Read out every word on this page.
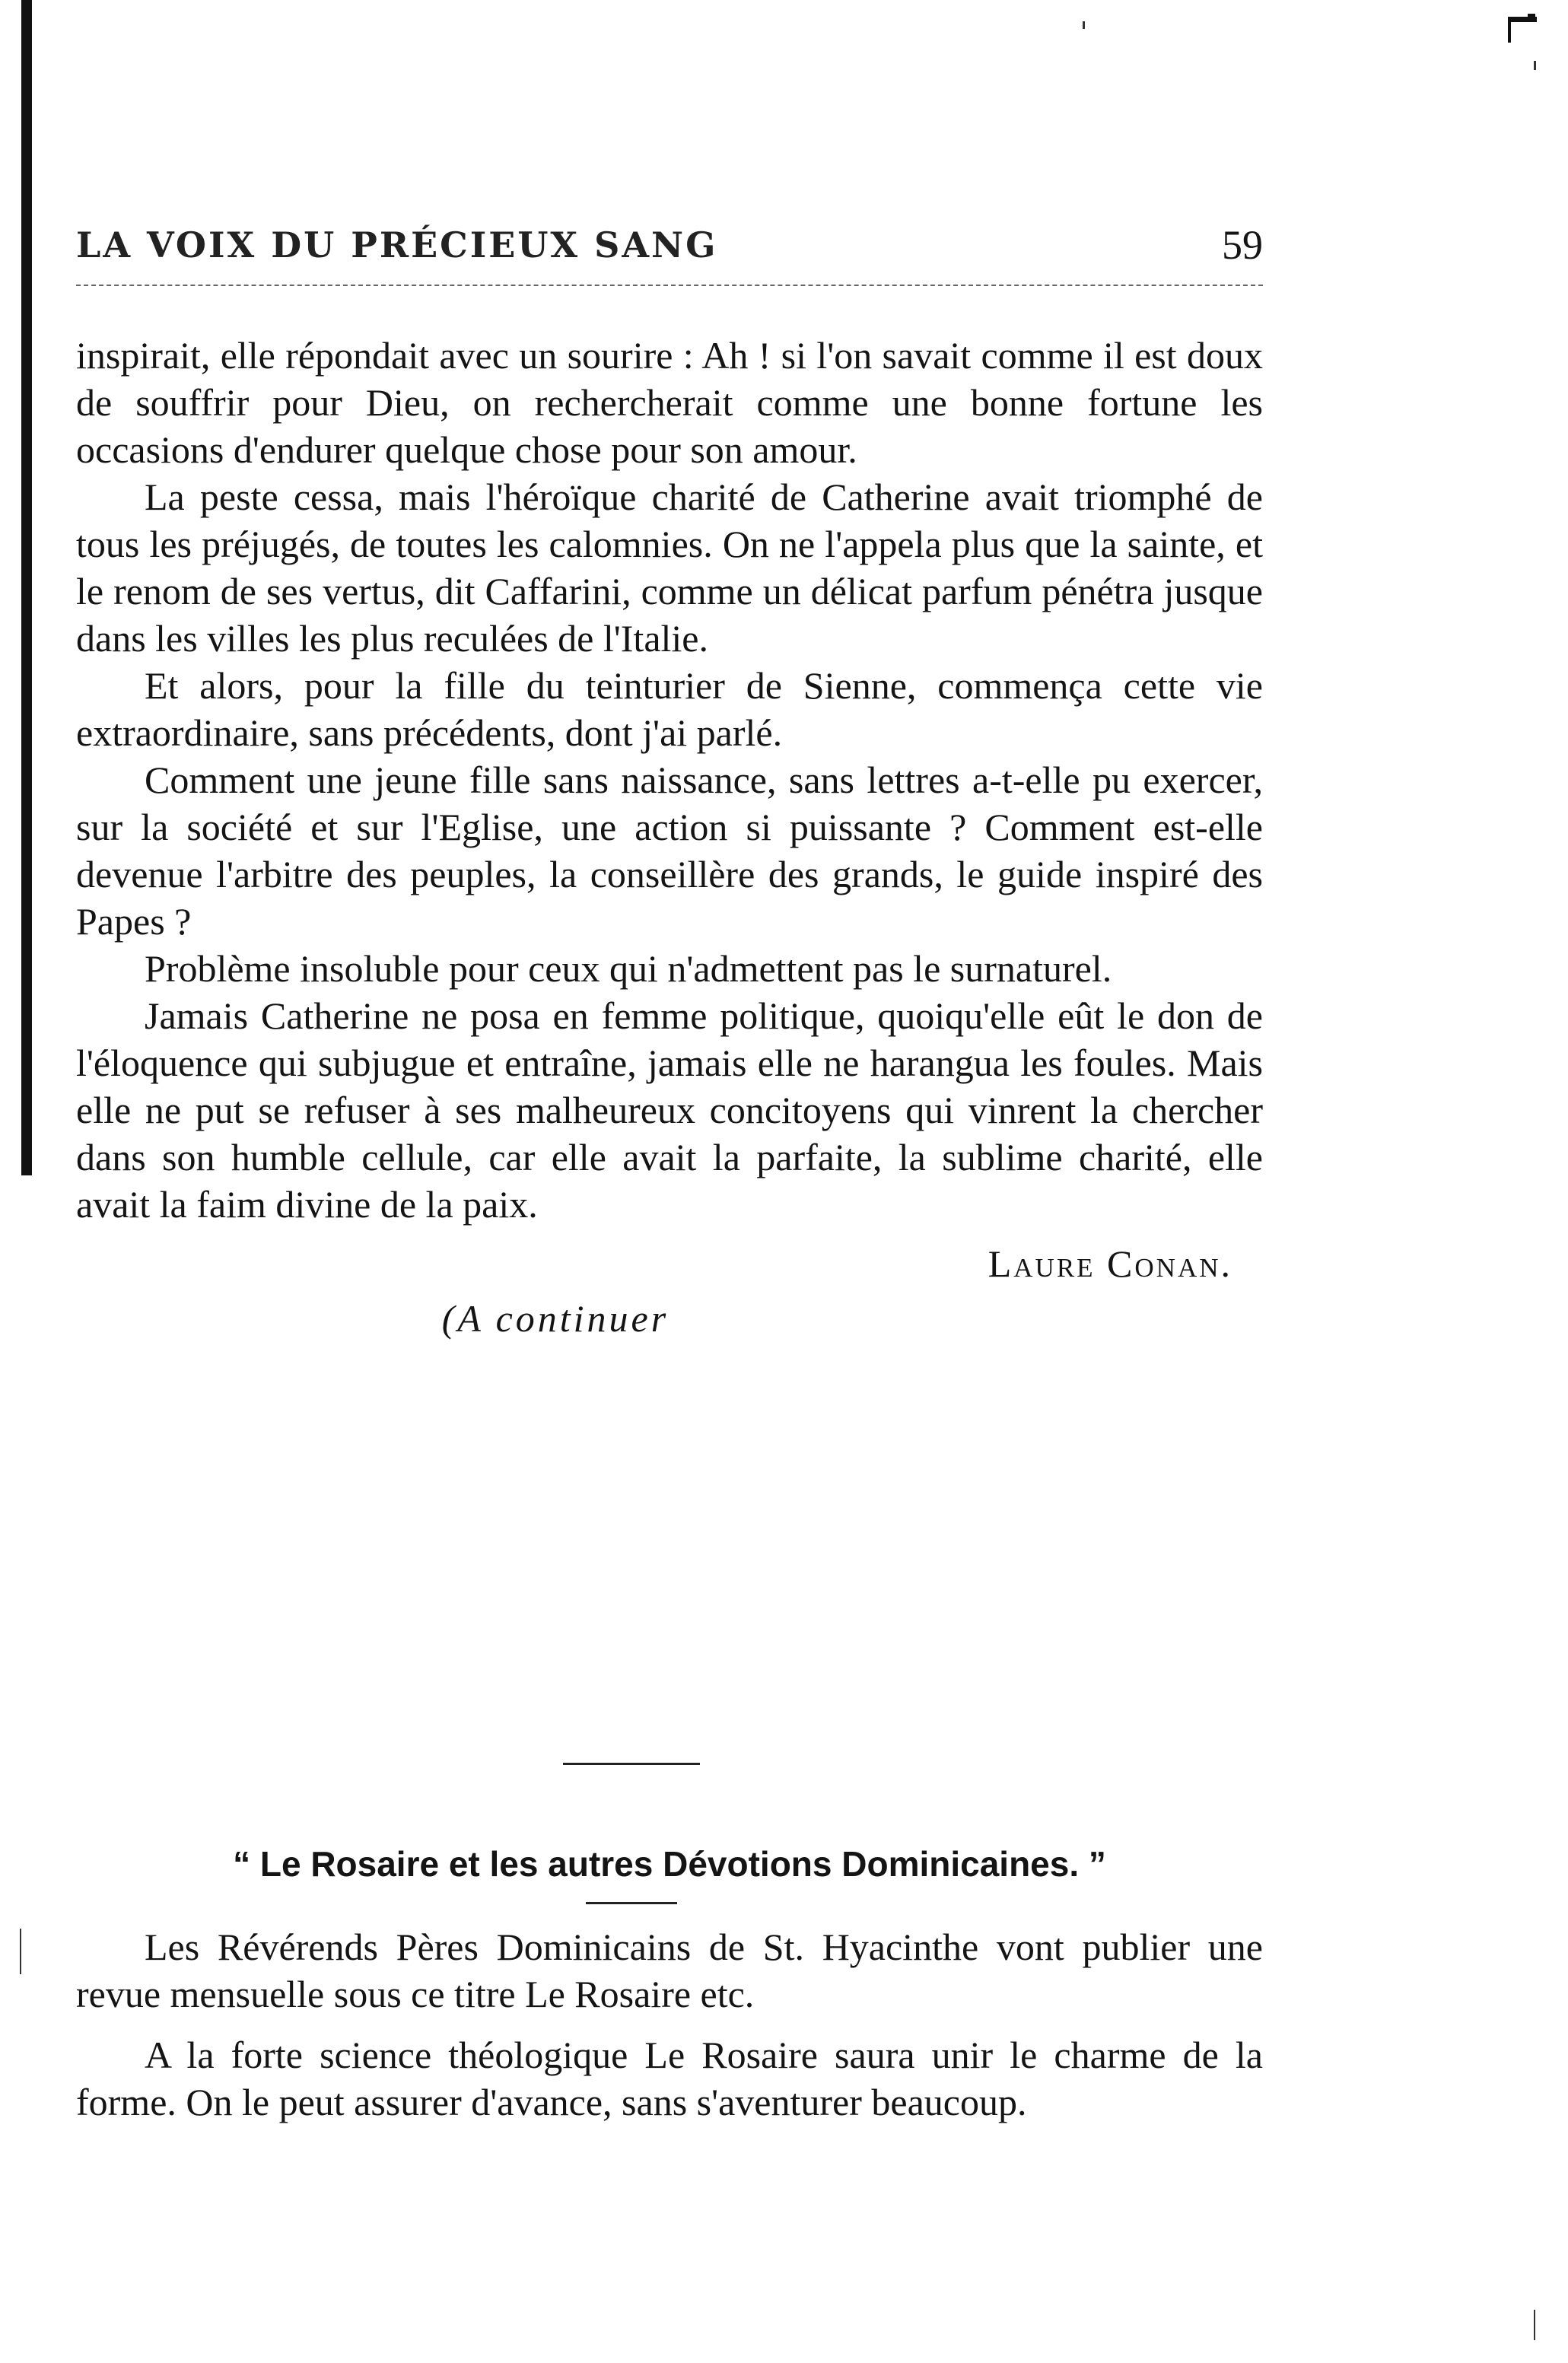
LA VOIX DU PRÉCIEUX SANG	59

inspirait, elle répondait avec un sourire : Ah ! si l'on savait comme il est doux de souffrir pour Dieu, on rechercherait comme une bonne fortune les occasions d'endurer quelque chose pour son amour.

La peste cessa, mais l'héroïque charité de Catherine avait triomphé de tous les préjugés, de toutes les calomnies. On ne l'appela plus que la sainte, et le renom de ses vertus, dit Caffarini, comme un délicat parfum pénétra jusque dans les villes les plus reculées de l'Italie.

Et alors, pour la fille du teinturier de Sienne, commença cette vie extraordinaire, sans précédents, dont j'ai parlé.

Comment une jeune fille sans naissance, sans lettres a-t-elle pu exercer, sur la société et sur l'Eglise, une action si puissante ? Comment est-elle devenue l'arbitre des peuples, la conseillère des grands, le guide inspiré des Papes ?

Problème insoluble pour ceux qui n'admettent pas le surnaturel.

Jamais Catherine ne posa en femme politique, quoiqu'elle eût le don de l'éloquence qui subjugue et entraîne, jamais elle ne harangua les foules. Mais elle ne put se refuser à ses malheureux concitoyens qui vinrent la chercher dans son humble cellule, car elle avait la parfaite, la sublime charité, elle avait la faim divine de la paix.

Laure Conan.
(A continuer
“ Le Rosaire et les autres Dévotions Dominicaines. ”

Les Révérends Pères Dominicains de St. Hyacinthe vont publier une revue mensuelle sous ce titre Le Rosaire etc.

A la forte science théologique Le Rosaire saura unir le charme de la forme. On le peut assurer d'avance, sans s'aventurer beaucoup.
